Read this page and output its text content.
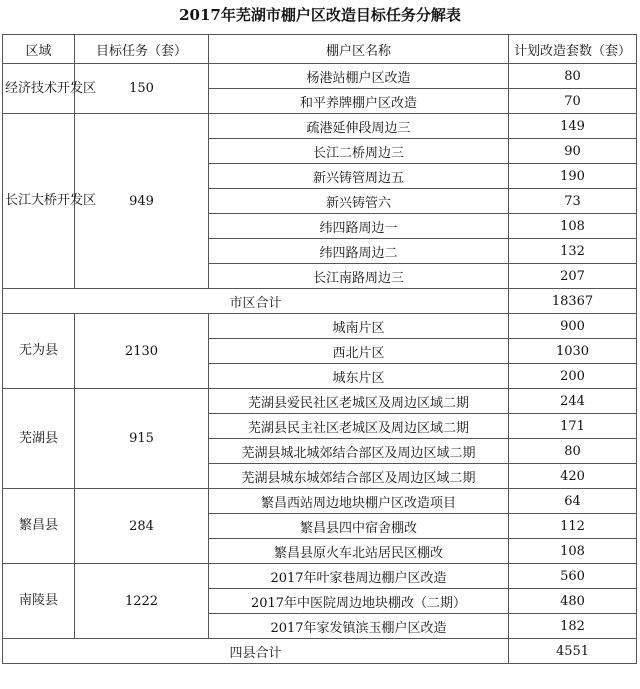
2017年芜湖市棚户区改造目标任务分解表
区域	目标任务（套）	棚户区名称	计划改造套数（套）
经济技术开发区	150	杨港站棚户区改造	80
		和平养牌棚户区改造	70
长江大桥开发区	949	疏港延伸段周边三	149
		长江二桥周边三	90
		新兴铸管周边五	190
		新兴铸管六	73
		纬四路周边一	108
		纬四路周边二	132
		长江南路周边三	207
市区合计			18367
无为县	2130	城南片区	900
		西北片区	1030
		城东片区	200
芜湖县	915	芜湖县爱民社区老城区及周边区域二期	244
		芜湖县民主社区老城区及周边区域二期	171
		芜湖县城北城郊结合部区及周边区域二期	80
		芜湖县城东城郊结合部区及周边区域二期	420
繁昌县	284	繁昌西站周边地块棚户区改造项目	64
		繁昌县四中宿舍棚改	112
		繁昌县原火车北站居民区棚改	108
南陵县	1222	2017年叶家巷周边棚户区改造	560
		2017年中医院周边地块棚改（二期）	480
		2017年家发镇滨玉棚户区改造	182
四县合计			4551
